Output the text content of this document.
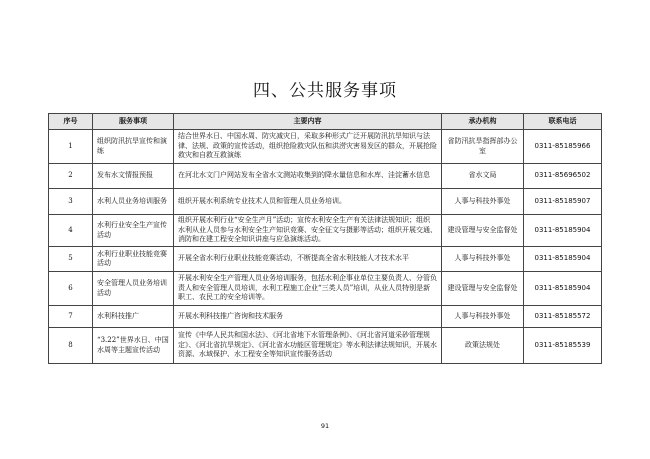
四、公共服务事项
序号	服务事项	主要内容	承办机构	联系电话
1	组织防汛抗旱宣传和演练	结合世界水日、中国水周、防灾减灾日，采取多种形式广泛开展防汛抗旱知识与法律、法规、政策的宣传活动，组织抢险救灾队伍和洪涝灾害易发区的群众，开展抢险救灾和自救互救演练	省防汛抗旱指挥部办公室	0311-85185966
2	发布水文情报预报	在河北水文门户网站发布全省水文测站收集到的降水量信息和水库、洼淀蓄水信息	省水文局	0311-85696502
3	水利人员业务培训服务	组织开展水利系统专业技术人员和管理人员业务培训。	人事与科技外事处	0311-85185907
4	水利行业安全生产宣传活动	组织开展水利行业“安全生产月”活动；宣传水利安全生产有关法律法规知识；组织水利从业人员参与水利安全生产知识竞赛、安全征文与摄影等活动；组织开展交通、消防和在建工程安全知识讲座与应急演练活动。	建设管理与安全监督处	0311-85185904
5	水利行业职业技能竞赛活动	开展全省水利行业职业技能竞赛活动，不断提高全省水利技能人才技术水平	人事与科技外事处	0311-85185904
6	安全管理人员业务培训活动	开展水利安全生产管理人员业务培训服务，包括水利企事业单位主要负责人、分管负责人和安全管理人员培训，水利工程施工企业“三类人员”培训，从业人员特别是新职工、农民工的安全培训等。	建设管理与安全监督处	0311-85185904
7	水利科技推广	开展水利科技推广咨询和技术服务	人事与科技外事处	0311-85185572
8	“3.22”世界水日、中国水周等主题宣传活动	宣传《中华人民共和国水法》、《河北省地下水管理条例》、《河北省河道采砂管理规定》、《河北省抗旱规定》、《河北省水功能区管理规定》等水利法律法规知识，开展水资源、水域保护、水工程安全等知识宣传服务活动	政策法规处	0311-85185539
91
